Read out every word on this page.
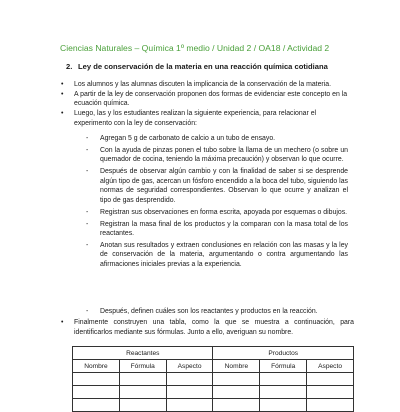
Ciencias Naturales – Química 1º medio / Unidad 2 / OA18 / Actividad 2
2. Ley de conservación de la materia en una reacción química cotidiana
• Los alumnos y las alumnas discuten la implicancia de la conservación de la materia.
• A partir de la ley de conservación proponen dos formas de evidenciar este concepto en la ecuación química.
• Luego, las y los estudiantes realizan la siguiente experiencia, para relacionar el experimento con la ley de conservación:
- Agregan 5 g de carbonato de calcio a un tubo de ensayo.
- Con la ayuda de pinzas ponen el tubo sobre la llama de un mechero (o sobre un quemador de cocina, teniendo la máxima precaución) y observan lo que ocurre.
- Después de observar algún cambio y con la finalidad de saber si se desprende algún tipo de gas, acercan un fósforo encendido a la boca del tubo, siguiendo las normas de seguridad correspondientes. Observan lo que ocurre y analizan el tipo de gas desprendido.
- Registran sus observaciones en forma escrita, apoyada por esquemas o dibujos.
- Registran la masa final de los productos y la comparan con la masa total de los reactantes.
- Anotan sus resultados y extraen conclusiones en relación con las masas y la ley de conservación de la materia, argumentando o contra argumentando las afirmaciones iniciales previas a la experiencia.
- Después, definen cuáles son los reactantes y productos en la reacción.
• Finalmente construyen una tabla, como la que se muestra a continuación, para identificarlos mediante sus fórmulas. Junto a ello, averiguan su nombre.
Reactantes			Productos		
Nombre	Fórmula	Aspecto	Nombre	Fórmula	Aspecto
